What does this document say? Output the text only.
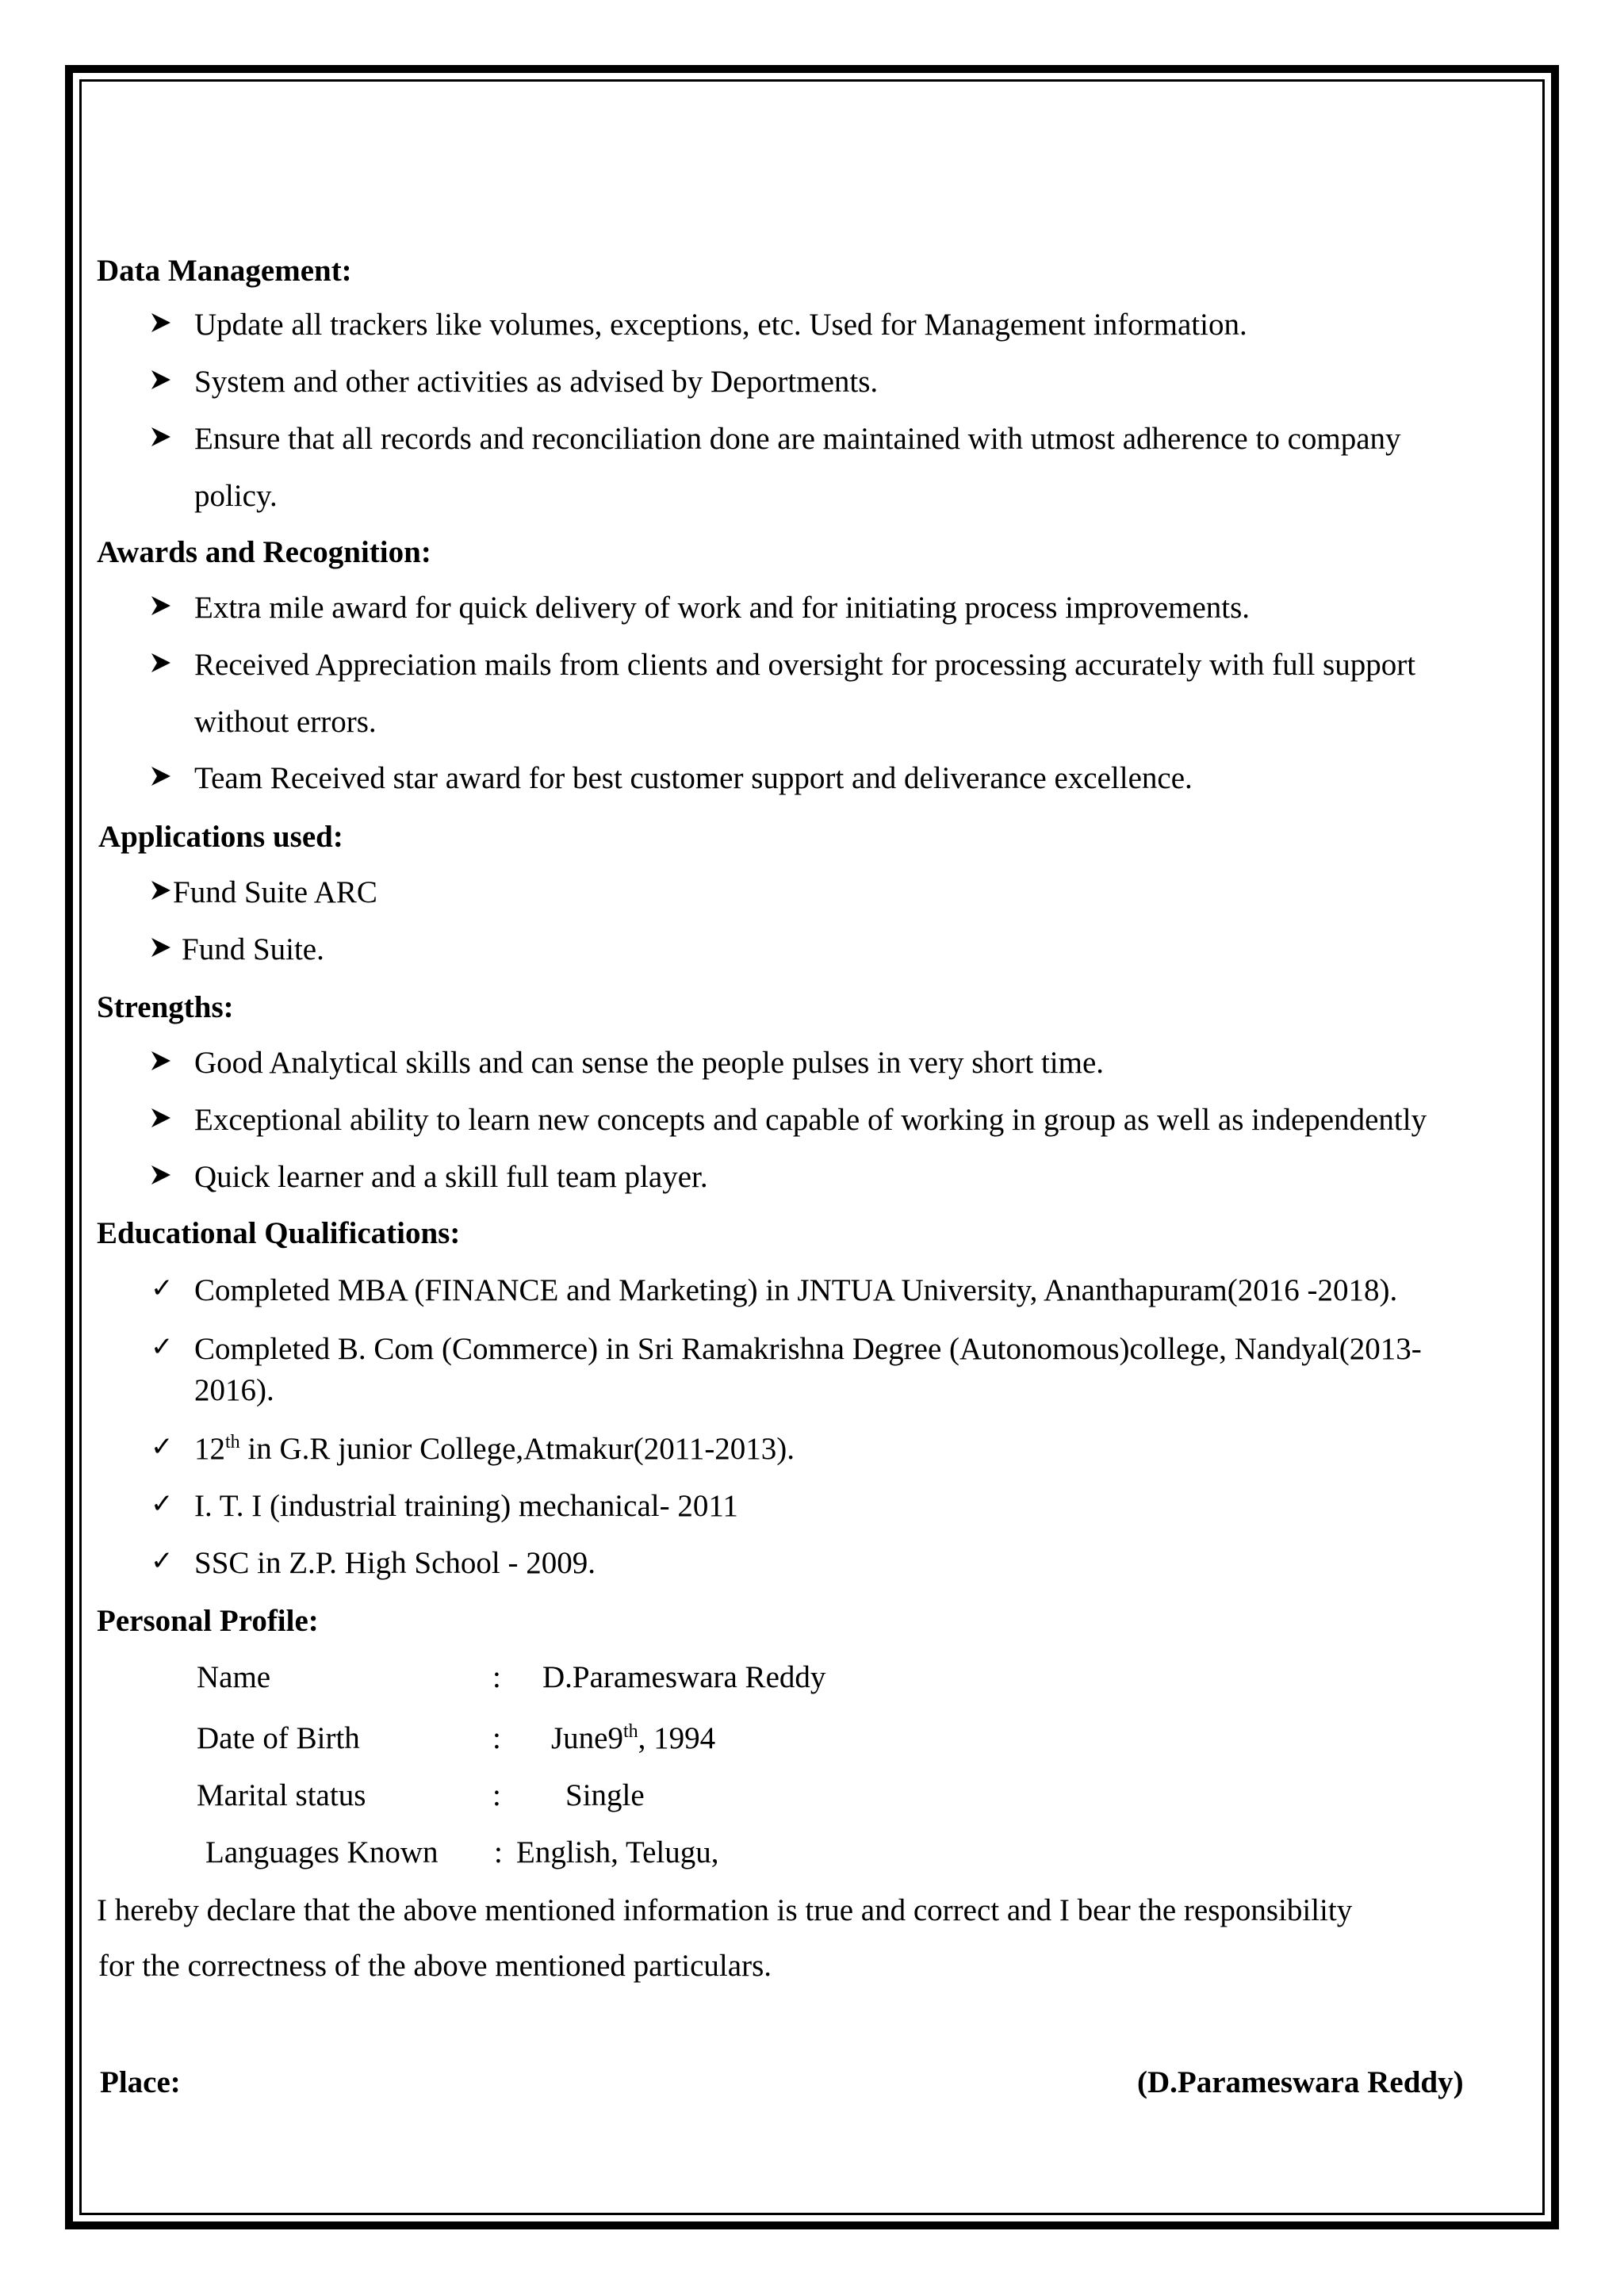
Data Management:
Update all trackers like volumes, exceptions, etc. Used for Management information.
System and other activities as advised by Deportments.
Ensure that all records and reconciliation done are maintained with utmost adherence to company
policy.
Awards and Recognition:
Extra mile award for quick delivery of work and for initiating process improvements.
Received Appreciation mails from clients and oversight for processing accurately with full support
without errors.
Team Received star award for best customer support and deliverance excellence.
Applications used:
Fund Suite ARC
Fund Suite.
Strengths:
Good Analytical skills and can sense the people pulses in very short time.
Exceptional ability to learn new concepts and capable of working in group as well as independently
Quick learner and a skill full team player.
Educational Qualifications:
✓ Completed MBA (FINANCE and Marketing) in JNTUA University, Ananthapuram(2016 -2018).
✓ Completed B. Com (Commerce) in Sri Ramakrishna Degree (Autonomous)college, Nandyal(2013-
2016).
✓ 12th in G.R junior College,Atmakur(2011-2013).
✓ I. T. I (industrial training) mechanical- 2011
✓ SSC in Z.P. High School - 2009.
Personal Profile:
Name	: D.Parameswara Reddy
Date of Birth	: June9th, 1994
Marital status	: Single
Languages Known : English, Telugu,
I hereby declare that the above mentioned information is true and correct and I bear the responsibility
for the correctness of the above mentioned particulars.
Place:	(D.Parameswara Reddy)
